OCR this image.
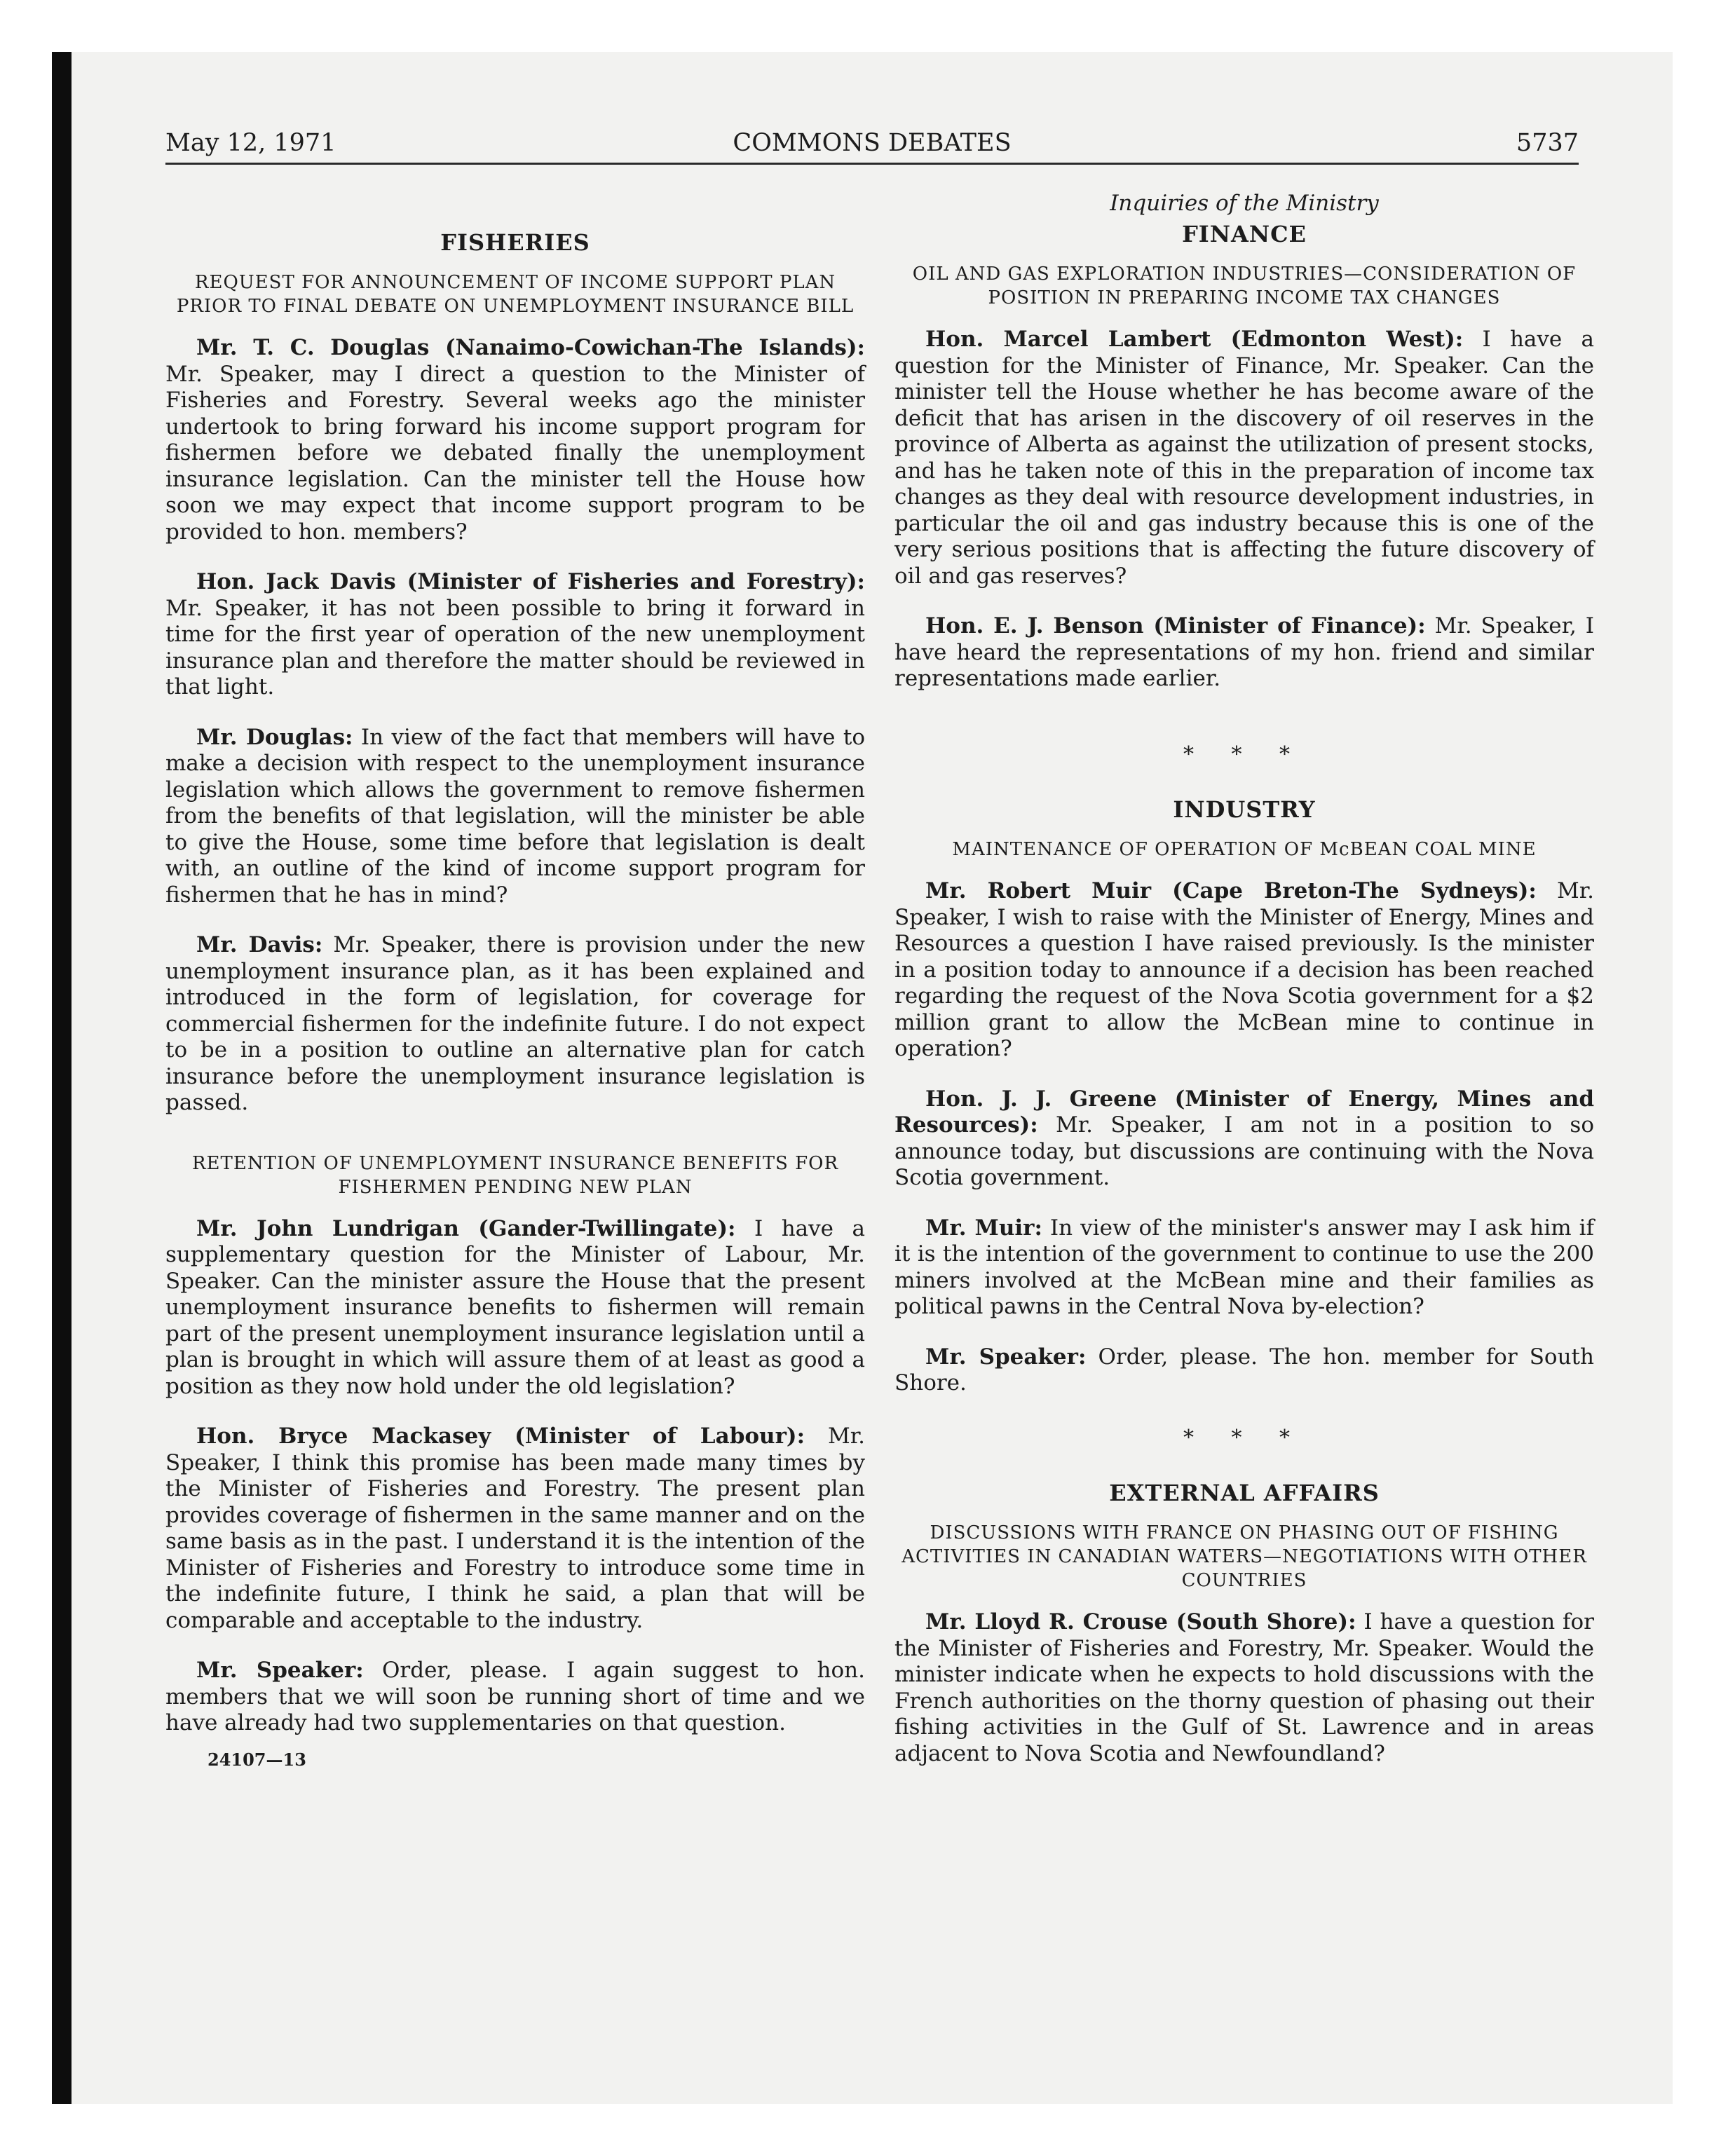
May 12, 1971	COMMONS DEBATES	5737
FISHERIES
REQUEST FOR ANNOUNCEMENT OF INCOME SUPPORT PLAN PRIOR TO FINAL DEBATE ON UNEMPLOYMENT INSURANCE BILL

Mr. T. C. Douglas (Nanaimo-Cowichan-The Islands): Mr. Speaker, may I direct a question to the Minister of Fisheries and Forestry. Several weeks ago the minister undertook to bring forward his income support program for fishermen before we debated finally the unemployment insurance legislation. Can the minister tell the House how soon we may expect that income support program to be provided to hon. members?

Hon. Jack Davis (Minister of Fisheries and Forestry): Mr. Speaker, it has not been possible to bring it forward in time for the first year of operation of the new unemployment insurance plan and therefore the matter should be reviewed in that light.

Mr. Douglas: In view of the fact that members will have to make a decision with respect to the unemployment insurance legislation which allows the government to remove fishermen from the benefits of that legislation, will the minister be able to give the House, some time before that legislation is dealt with, an outline of the kind of income support program for fishermen that he has in mind?

Mr. Davis: Mr. Speaker, there is provision under the new unemployment insurance plan, as it has been explained and introduced in the form of legislation, for coverage for commercial fishermen for the indefinite future. I do not expect to be in a position to outline an alternative plan for catch insurance before the unemployment insurance legislation is passed.

RETENTION OF UNEMPLOYMENT INSURANCE BENEFITS FOR FISHERMEN PENDING NEW PLAN

Mr. John Lundrigan (Gander-Twillingate): I have a supplementary question for the Minister of Labour, Mr. Speaker. Can the minister assure the House that the present unemployment insurance benefits to fishermen will remain part of the present unemployment insurance legislation until a plan is brought in which will assure them of at least as good a position as they now hold under the old legislation?

Hon. Bryce Mackasey (Minister of Labour): Mr. Speaker, I think this promise has been made many times by the Minister of Fisheries and Forestry. The present plan provides coverage of fishermen in the same manner and on the same basis as in the past. I understand it is the intention of the Minister of Fisheries and Forestry to introduce some time in the indefinite future, I think he said, a plan that will be comparable and acceptable to the industry.

Mr. Speaker: Order, please. I again suggest to hon. members that we will soon be running short of time and we have already had two supplementaries on that question.

24107—13
Inquiries of the Ministry
FINANCE
OIL AND GAS EXPLORATION INDUSTRIES—CONSIDERATION OF POSITION IN PREPARING INCOME TAX CHANGES

Hon. Marcel Lambert (Edmonton West): I have a question for the Minister of Finance, Mr. Speaker. Can the minister tell the House whether he has become aware of the deficit that has arisen in the discovery of oil reserves in the province of Alberta as against the utilization of present stocks, and has he taken note of this in the preparation of income tax changes as they deal with resource development industries, in particular the oil and gas industry because this is one of the very serious positions that is affecting the future discovery of oil and gas reserves?

Hon. E. J. Benson (Minister of Finance): Mr. Speaker, I have heard the representations of my hon. friend and similar representations made earlier.

* * *
INDUSTRY
MAINTENANCE OF OPERATION OF McBEAN COAL MINE

Mr. Robert Muir (Cape Breton-The Sydneys): Mr. Speaker, I wish to raise with the Minister of Energy, Mines and Resources a question I have raised previously. Is the minister in a position today to announce if a decision has been reached regarding the request of the Nova Scotia government for a $2 million grant to allow the McBean mine to continue in operation?

Hon. J. J. Greene (Minister of Energy, Mines and Resources): Mr. Speaker, I am not in a position to so announce today, but discussions are continuing with the Nova Scotia government.

Mr. Muir: In view of the minister's answer may I ask him if it is the intention of the government to continue to use the 200 miners involved at the McBean mine and their families as political pawns in the Central Nova by-election?

Mr. Speaker: Order, please. The hon. member for South Shore.

* * *
EXTERNAL AFFAIRS
DISCUSSIONS WITH FRANCE ON PHASING OUT OF FISHING ACTIVITIES IN CANADIAN WATERS—NEGOTIATIONS WITH OTHER COUNTRIES

Mr. Lloyd R. Crouse (South Shore): I have a question for the Minister of Fisheries and Forestry, Mr. Speaker. Would the minister indicate when he expects to hold discussions with the French authorities on the thorny question of phasing out their fishing activities in the Gulf of St. Lawrence and in areas adjacent to Nova Scotia and Newfoundland?
